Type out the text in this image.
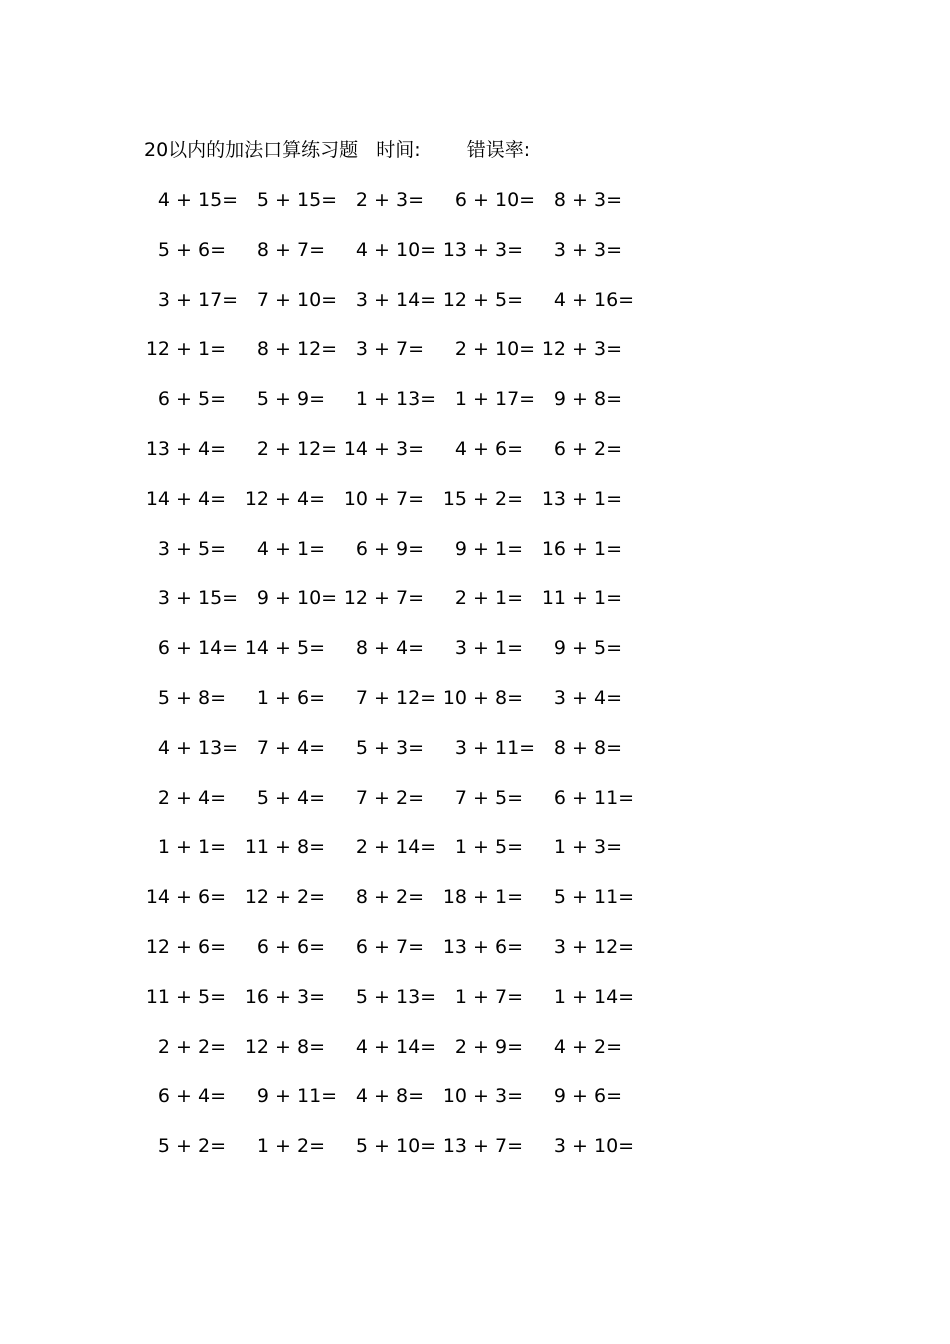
20以内的加法口算练习题 时间: 错误率:
4 + 15= 5 + 15= 2 + 3= 6 + 10= 8 + 3=
5 + 6= 8 + 7= 4 + 10= 13 + 3= 3 + 3=
3 + 17= 7 + 10= 3 + 14= 12 + 5= 4 + 16=
12 + 1= 8 + 12= 3 + 7= 2 + 10= 12 + 3=
6 + 5= 5 + 9= 1 + 13= 1 + 17= 9 + 8=
13 + 4= 2 + 12= 14 + 3= 4 + 6= 6 + 2=
14 + 4= 12 + 4= 10 + 7= 15 + 2= 13 + 1=
3 + 5= 4 + 1= 6 + 9= 9 + 1= 16 + 1=
3 + 15= 9 + 10= 12 + 7= 2 + 1= 11 + 1=
6 + 14= 14 + 5= 8 + 4= 3 + 1= 9 + 5=
5 + 8= 1 + 6= 7 + 12= 10 + 8= 3 + 4=
4 + 13= 7 + 4= 5 + 3= 3 + 11= 8 + 8=
2 + 4= 5 + 4= 7 + 2= 7 + 5= 6 + 11=
1 + 1= 11 + 8= 2 + 14= 1 + 5= 1 + 3=
14 + 6= 12 + 2= 8 + 2= 18 + 1= 5 + 11=
12 + 6= 6 + 6= 6 + 7= 13 + 6= 3 + 12=
11 + 5= 16 + 3= 5 + 13= 1 + 7= 1 + 14=
2 + 2= 12 + 8= 4 + 14= 2 + 9= 4 + 2=
6 + 4= 9 + 11= 4 + 8= 10 + 3= 9 + 6=
5 + 2= 1 + 2= 5 + 10= 13 + 7= 3 + 10=
